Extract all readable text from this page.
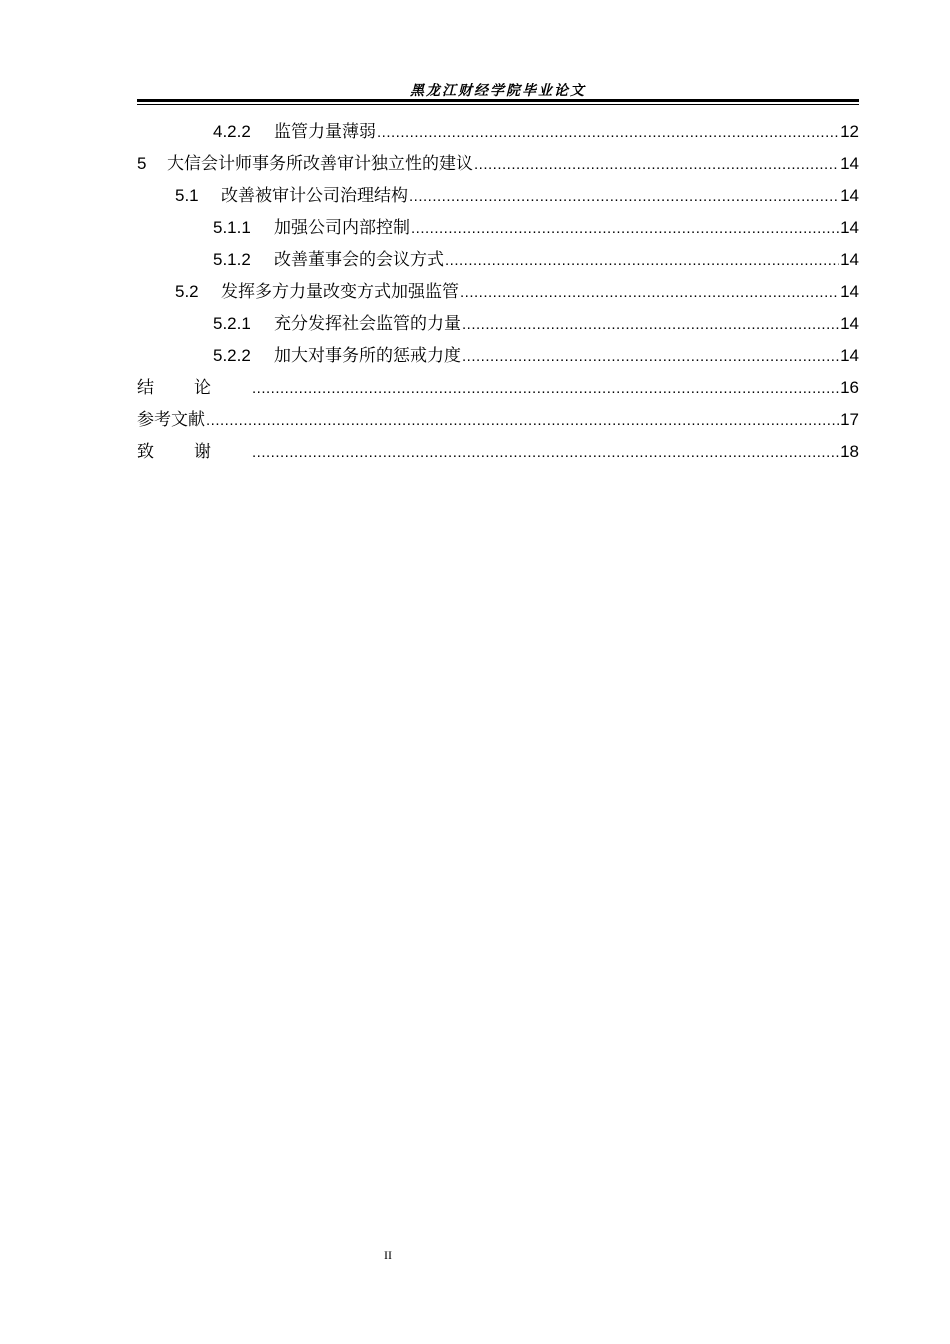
黑龙江财经学院毕业论文
4.2.2	监管力量薄弱 .....	12
5	大信会计师事务所改善审计独立性的建议 .....	14
5.1	改善被审计公司治理结构 .....	14
5.1.1	加强公司内部控制 .....	14
5.1.2	改善董事会的会议方式 .....	14
5.2	发挥多方力量改变方式加强监管 .....	14
5.2.1	充分发挥社会监管的力量 .....	14
5.2.2	加大对事务所的惩戒力度 .....	14
结论 .....	16
参考文献 .....	17
致谢 .....	18
II
